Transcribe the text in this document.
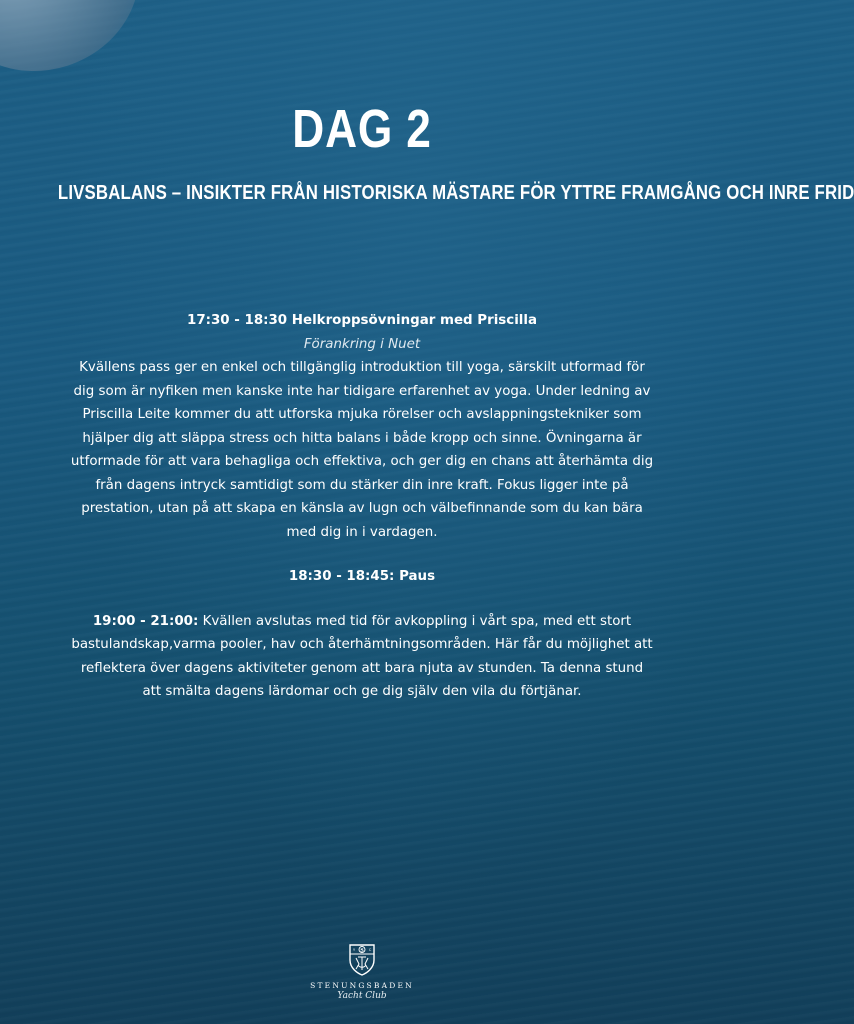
DAG 2
LIVSBALANS – INSIKTER FRÅN HISTORISKA MÄSTARE FÖR YTTRE FRAMGÅNG OCH INRE FRID

17:30 - 18:30 Helkroppsövningar med Priscilla

Förankring i Nuet

Kvällens pass ger en enkel och tillgänglig introduktion till yoga, särskilt utformad för dig som är nyfiken men kanske inte har tidigare erfarenhet av yoga. Under ledning av Priscilla Leite kommer du att utforska mjuka rörelser och avslappningstekniker som hjälper dig att släppa stress och hitta balans i både kropp och sinne. Övningarna är utformade för att vara behagliga och effektiva, och ger dig en chans att återhämta dig från dagens intryck samtidigt som du stärker din inre kraft. Fokus ligger inte på prestation, utan på att skapa en känsla av lugn och välbefinnande som du kan bära med dig in i vardagen.

18:30 - 18:45: Paus

19:00 - 21:00: Kvällen avslutas med tid för avkoppling i vårt spa, med ett stort bastulandskap,varma pooler, hav och återhämtningsområden. Här får du möjlighet att reflektera över dagens aktiviteter genom att bara njuta av stunden. Ta denna stund att smälta dagens lärdomar och ge dig själv den vila du förtjänar.

S
Y	C
STENUNGSBADEN
Yacht Club
